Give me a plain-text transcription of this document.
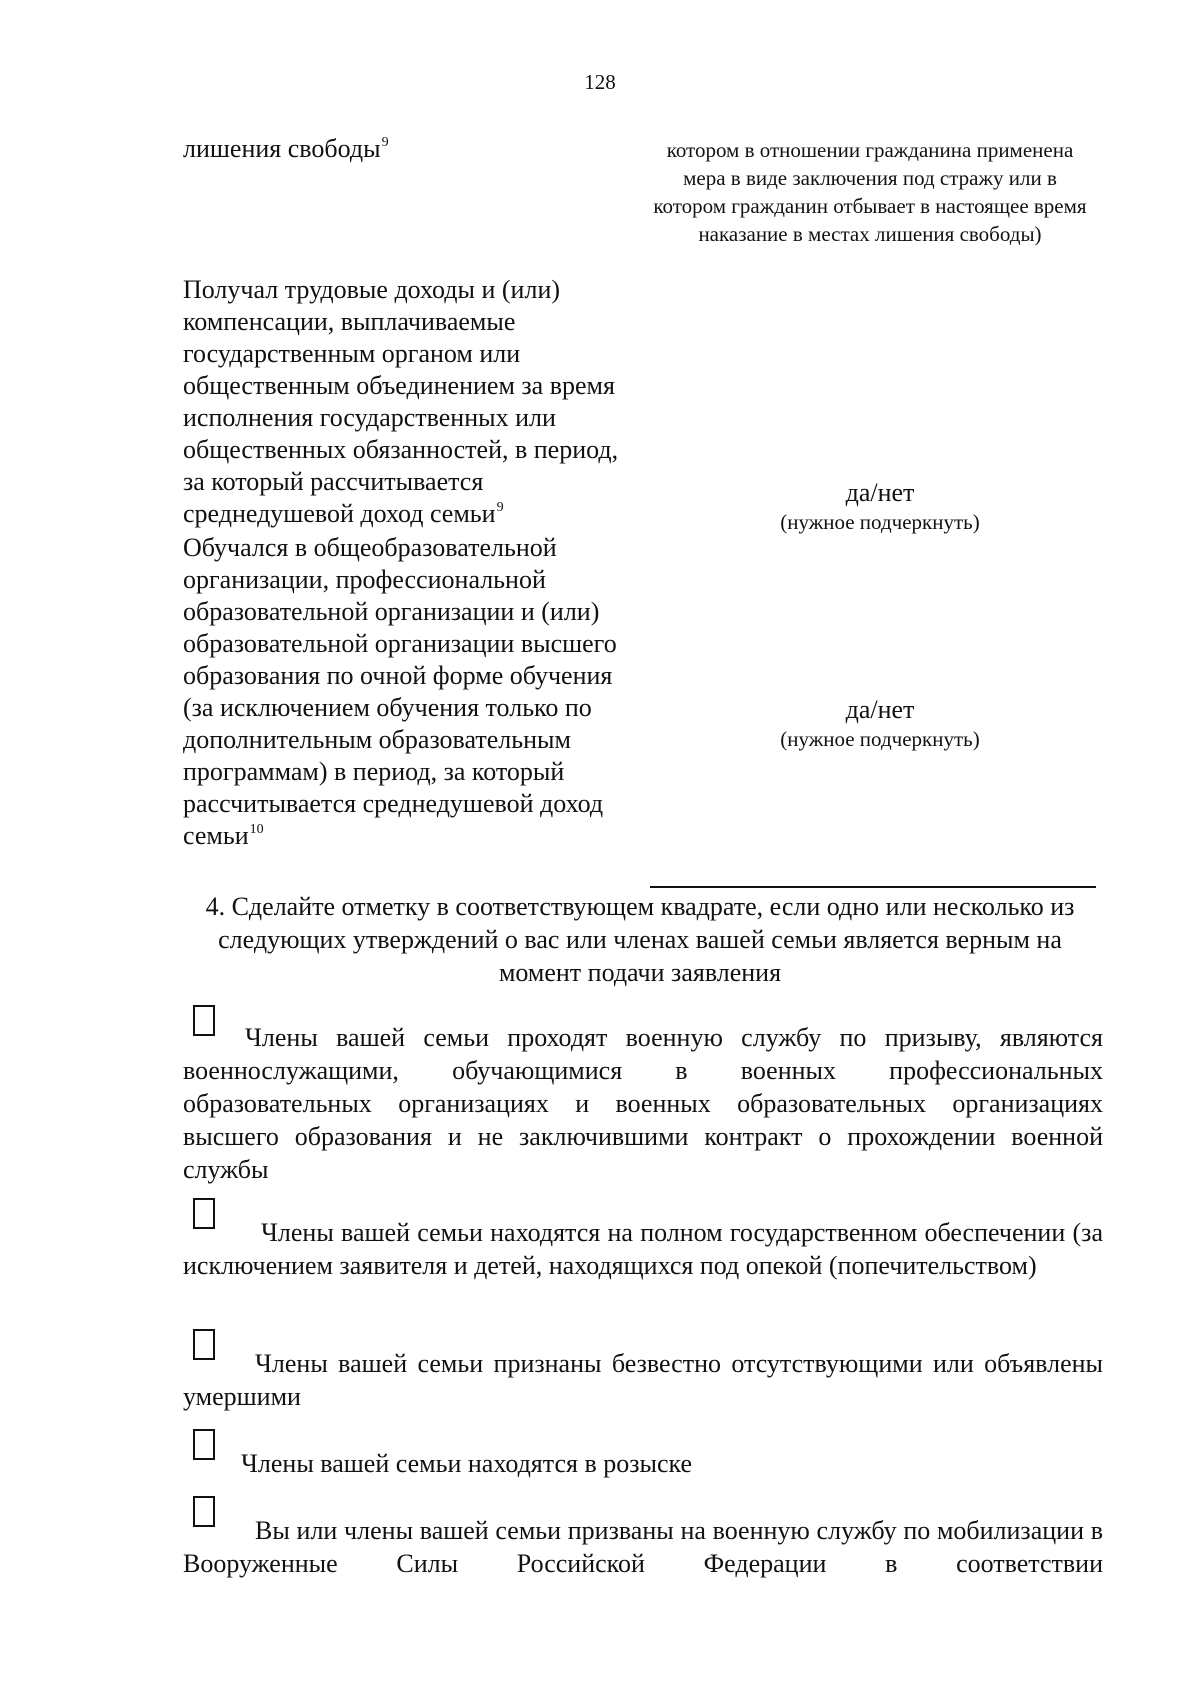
128
лишения свободы$^9$	котором в отношении гражданина применена мера в виде заключения под стражу или в котором гражданин отбывает в настоящее время наказание в местах лишения свободы)
Получал трудовые доходы и (или) компенсации, выплачиваемые государственным органом или общественным объединением за время исполнения государственных или общественных обязанностей, в период, за который рассчитывается среднедушевой доход семьи$^9$
да/нет
(нужное подчеркнуть)
Обучался в общеобразовательной организации, профессиональной образовательной организации и (или) образовательной организации высшего образования по очной форме обучения (за исключением обучения только по дополнительным образовательным программам) в период, за который рассчитывается среднедушевой доход семьи$^{10}$
да/нет
(нужное подчеркнуть)
4. Сделайте отметку в соответствующем квадрате, если одно или несколько из следующих утверждений о вас или членах вашей семьи является верным на момент подачи заявления
Члены вашей семьи проходят военную службу по призыву, являются военнослужащими, обучающимися в военных профессиональных образовательных организациях и военных образовательных организациях высшего образования и не заключившими контракт о прохождении военной службы
Члены вашей семьи находятся на полном государственном обеспечении (за исключением заявителя и детей, находящихся под опекой (попечительством)
Члены вашей семьи признаны безвестно отсутствующими или объявлены умершими
Члены вашей семьи находятся в розыске
Вы или члены вашей семьи призваны на военную службу по мобилизации в Вооруженные Силы Российской Федерации в соответствии
